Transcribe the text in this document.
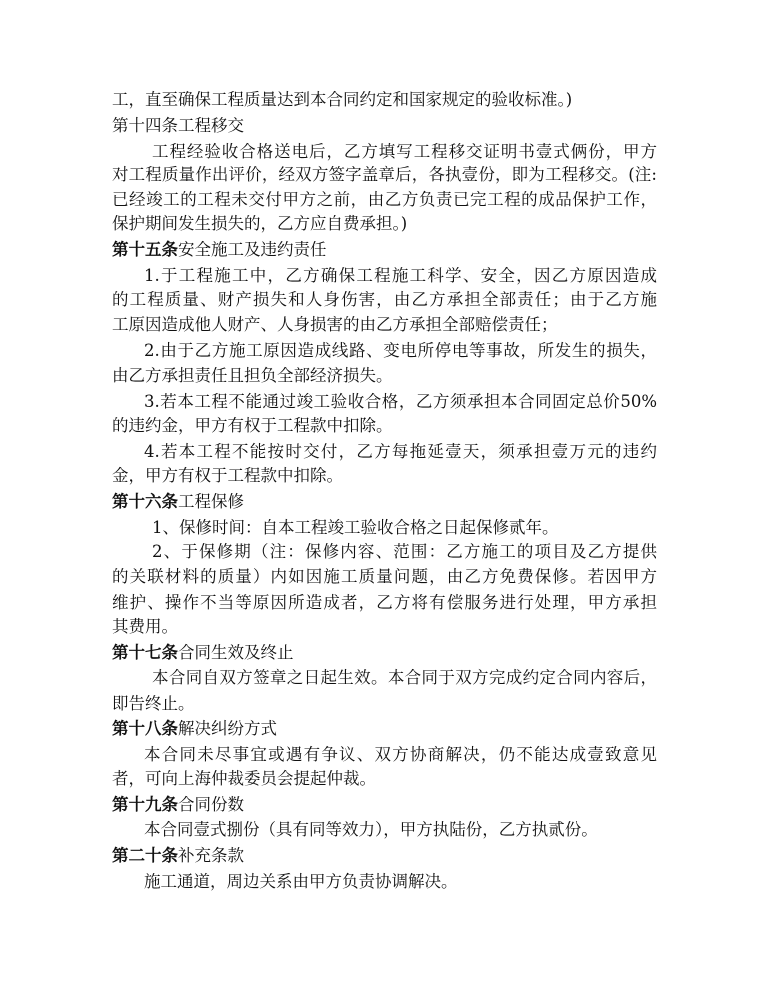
工，直至确保工程质量达到本合同约定和国家规定的验收标准。)
第十四条工程移交
工程经验收合格送电后，乙方填写工程移交证明书壹式俩份，甲方
对工程质量作出评价，经双方签字盖章后，各执壹份，即为工程移交。(注:
已经竣工的工程未交付甲方之前，由乙方负责已完工程的成品保护工作，
保护期间发生损失的，乙方应自费承担。)
第十五条安全施工及违约责任
1.于工程施工中，乙方确保工程施工科学、安全，因乙方原因造成
的工程质量、财产损失和人身伤害，由乙方承担全部责任；由于乙方施
工原因造成他人财产、人身损害的由乙方承担全部赔偿责任；
2.由于乙方施工原因造成线路、变电所停电等事故，所发生的损失，
由乙方承担责任且担负全部经济损失。
3.若本工程不能通过竣工验收合格，乙方须承担本合同固定总价50%
的违约金，甲方有权于工程款中扣除。
4.若本工程不能按时交付，乙方每拖延壹天，须承担壹万元的违约
金，甲方有权于工程款中扣除。
第十六条工程保修
1、保修时间：自本工程竣工验收合格之日起保修贰年。
2、于保修期（注：保修内容、范围：乙方施工的项目及乙方提供
的关联材料的质量）内如因施工质量问题，由乙方免费保修。若因甲方
维护、操作不当等原因所造成者，乙方将有偿服务进行处理，甲方承担
其费用。
第十七条合同生效及终止
本合同自双方签章之日起生效。本合同于双方完成约定合同内容后，
即告终止。
第十八条解决纠纷方式
本合同未尽事宜或遇有争议、双方协商解决，仍不能达成壹致意见
者，可向上海仲裁委员会提起仲裁。
第十九条合同份数
本合同壹式捌份（具有同等效力），甲方执陆份，乙方执贰份。
第二十条补充条款
施工通道，周边关系由甲方负责协调解决。
